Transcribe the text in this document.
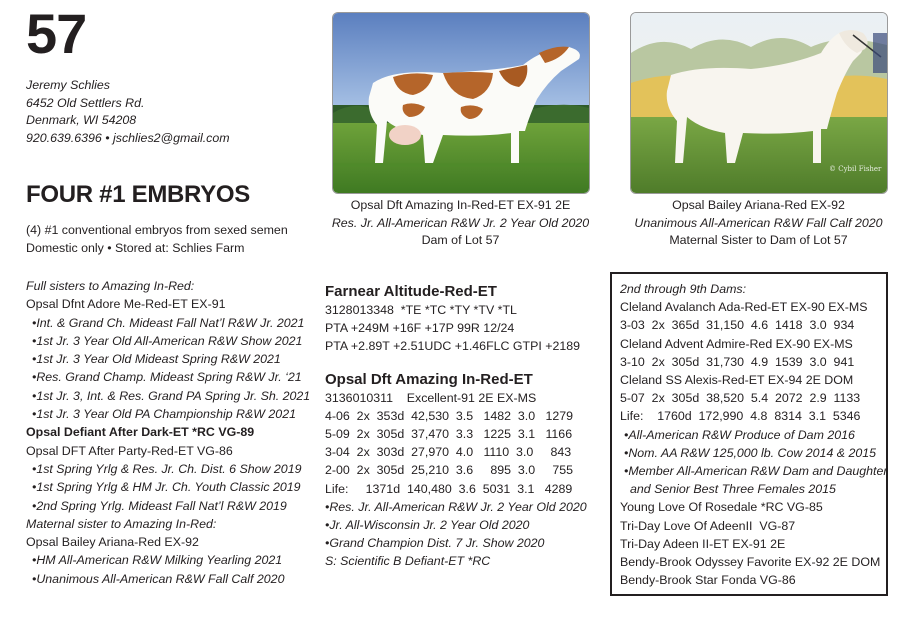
57
Jeremy Schlies
6452 Old Settlers Rd.
Denmark, WI 54208
920.639.6396 • jschlies2@gmail.com
FOUR #1 EMBRYOS
(4) #1 conventional embryos from sexed semen
Domestic only • Stored at: Schlies Farm
Full sisters to Amazing In-Red:
Opsal Dfnt Adore Me-Red-ET EX-91
•Int. & Grand Ch. Mideast Fall Nat’l R&W Jr. 2021
•1st Jr. 3 Year Old All-American R&W Show 2021
•1st Jr. 3 Year Old Mideast Spring R&W 2021
•Res. Grand Champ. Mideast Spring R&W Jr. ‘21
•1st Jr. 3, Int. & Res. Grand PA Spring Jr. Sh. 2021
•1st Jr. 3 Year Old PA Championship R&W 2021
Opsal Defiant After Dark-ET *RC VG-89
Opsal DFT After Party-Red-ET VG-86
•1st Spring Yrlg & Res. Jr. Ch. Dist. 6 Show 2019
•1st Spring Yrlg & HM Jr. Ch. Youth Classic 2019
•2nd Spring Yrlg. Mideast Fall Nat’l R&W 2019
Maternal sister to Amazing In-Red:
Opsal Bailey Ariana-Red EX-92
•HM All-American R&W Milking Yearling 2021
•Unanimous All-American R&W Fall Calf 2020
© Cybil Fisher
Opsal Dft Amazing In-Red-ET EX-91 2E
Res. Jr. All-American R&W Jr. 2 Year Old 2020
Dam of Lot 57
Opsal Bailey Ariana-Red EX-92
Unanimous All-American R&W Fall Calf 2020
Maternal Sister to Dam of Lot 57
Farnear Altitude-Red-ET
3128013348  *TE *TC *TY *TV *TL
PTA +249M +16F +17P 99R 12/24
PTA +2.89T +2.51UDC +1.46FLC GTPI +2189
Opsal Dft Amazing In-Red-ET
3136010311    Excellent-91 2E EX-MS
4-06  2x  353d  42,530  3.5   1482  3.0   1279
5-09  2x  305d  37,470  3.3   1225  3.1   1166
3-04  2x  303d  27,970  4.0   1110  3.0     843
2-00  2x  305d  25,210  3.6     895  3.0     755
Life:     1371d  140,480  3.6  5031  3.1   4289
•Res. Jr. All-American R&W Jr. 2 Year Old 2020
•Jr. All-Wisconsin Jr. 2 Year Old 2020
•Grand Champion Dist. 7 Jr. Show 2020
S: Scientific B Defiant-ET *RC
2nd through 9th Dams:
Cleland Avalanch Ada-Red-ET EX-90 EX-MS
3-03  2x  365d  31,150  4.6  1418  3.0  934
Cleland Advent Admire-Red EX-90 EX-MS
3-10  2x  305d  31,730  4.9  1539  3.0  941
Cleland SS Alexis-Red-ET EX-94 2E DOM
5-07  2x  305d  38,520  5.4  2072  2.9  1133
Life:    1760d  172,990  4.8  8314  3.1  5346
•All-American R&W Produce of Dam 2016
•Nom. AA R&W 125,000 lb. Cow 2014 & 2015
•Member All-American R&W Dam and Daughter
and Senior Best Three Females 2015
Young Love Of Rosedale *RC VG-85
Tri-Day Love Of AdeenII  VG-87
Tri-Day Adeen II-ET EX-91 2E
Bendy-Brook Odyssey Favorite EX-92 2E DOM
Bendy-Brook Star Fonda VG-86
